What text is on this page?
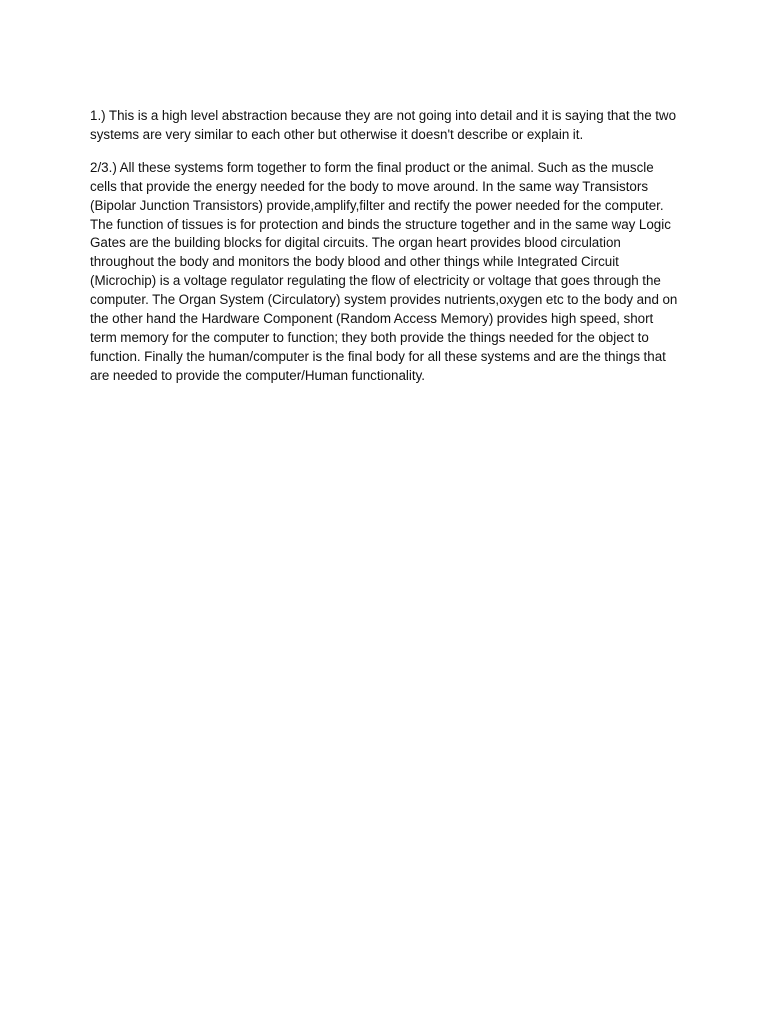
1.) This is a high level abstraction because they are not going into detail and it is saying that the two systems are very similar to each other but otherwise it doesn't describe or explain it.

2/3.) All these systems form together to form the final product or the animal. Such as the muscle cells that provide the energy needed for the body to move around. In the same way Transistors (Bipolar Junction Transistors) provide,amplify,filter and rectify the power needed for the computer. The function of tissues is for protection and binds the structure together and in the same way Logic Gates are the building blocks for digital circuits. The organ heart provides blood circulation throughout the body and monitors the body blood and other things while Integrated Circuit (Microchip) is a voltage regulator regulating the flow of electricity or voltage that goes through the computer. The Organ System (Circulatory) system provides nutrients,oxygen etc to the body and on the other hand the Hardware Component (Random Access Memory) provides high speed, short term memory for the computer to function; they both provide the things needed for the object to function. Finally the human/computer is the final body for all these systems and are the things that are needed to provide the computer/Human functionality.
